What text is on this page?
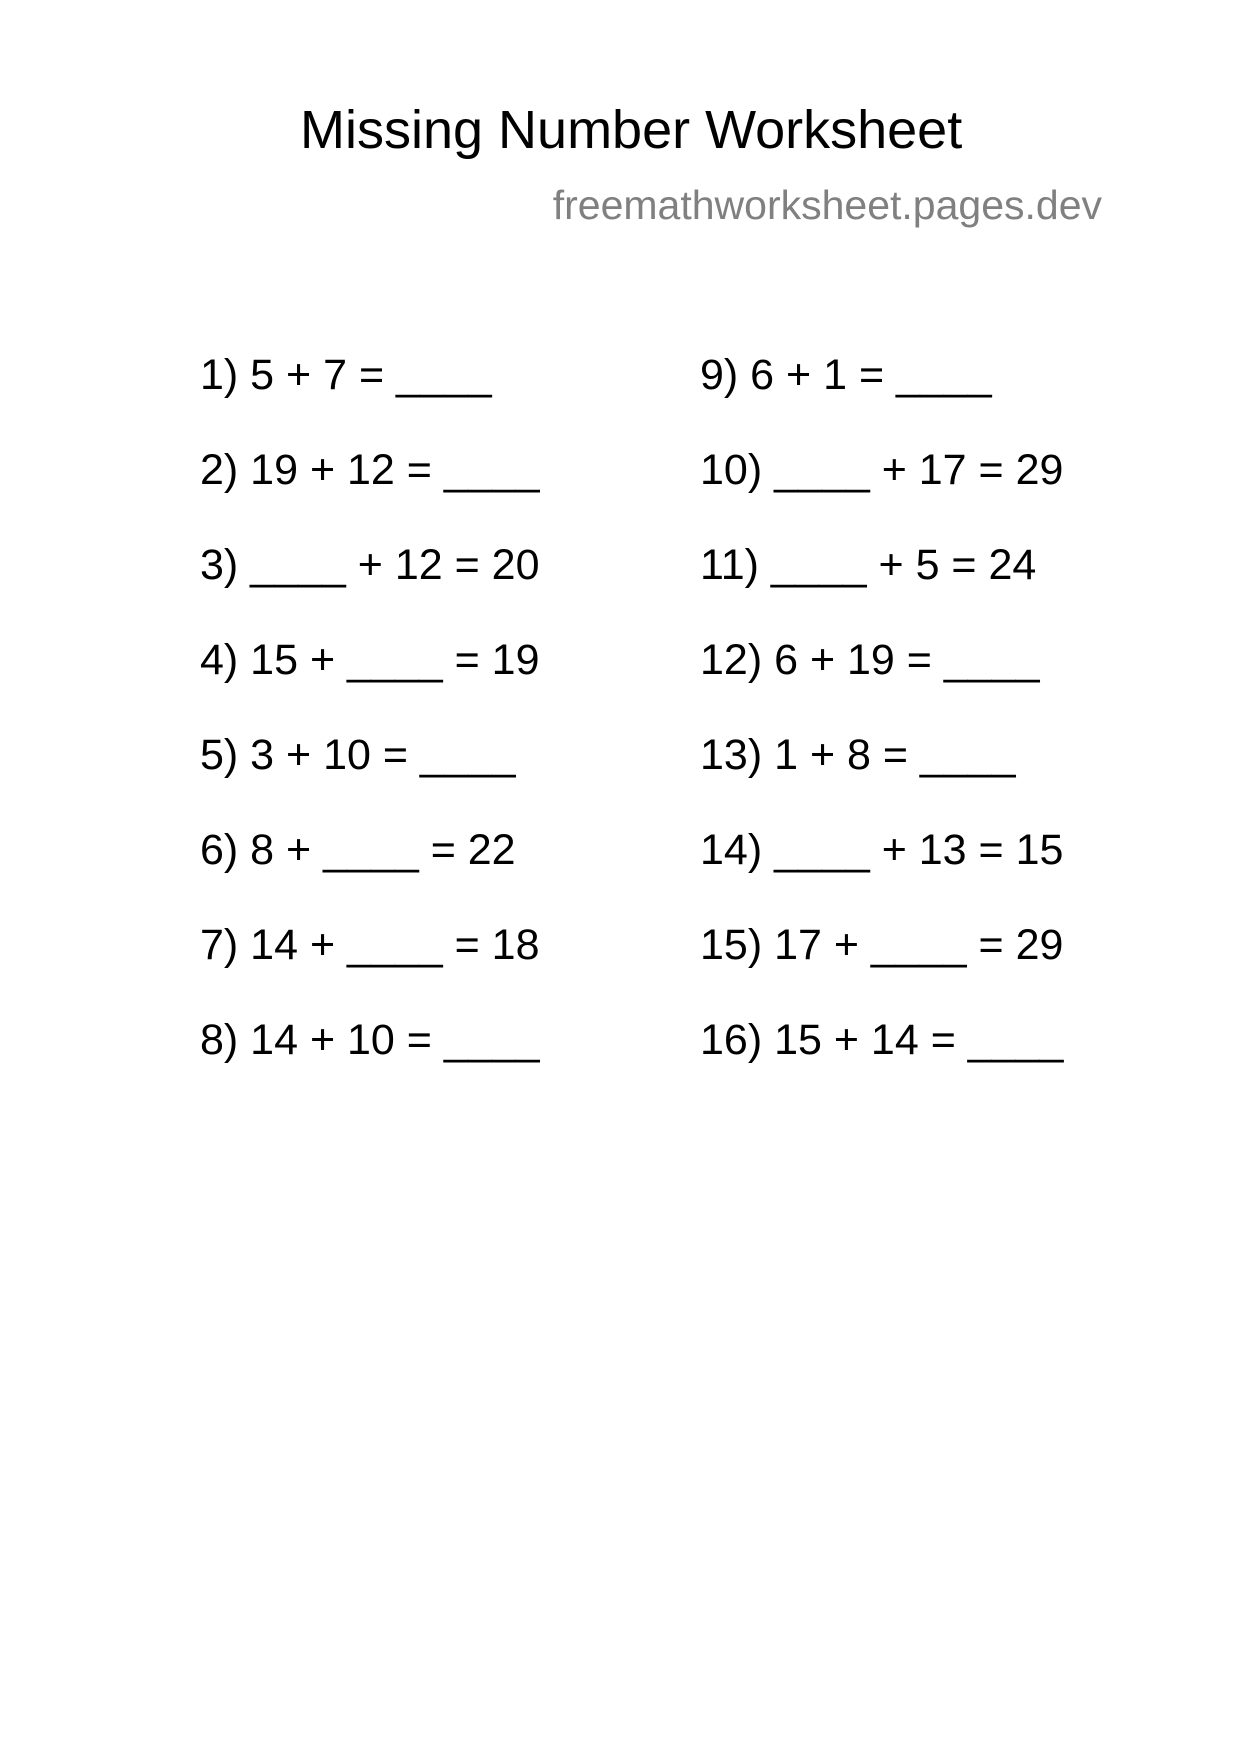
Missing Number Worksheet
freemathworksheet.pages.dev
1) 5 + 7 = ____
2) 19 + 12 = ____
3) ____ + 12 = 20
4) 15 + ____ = 19
5) 3 + 10 = ____
6) 8 + ____ = 22
7) 14 + ____ = 18
8) 14 + 10 = ____
9) 6 + 1 = ____
10) ____ + 17 = 29
11) ____ + 5 = 24
12) 6 + 19 = ____
13) 1 + 8 = ____
14) ____ + 13 = 15
15) 17 + ____ = 29
16) 15 + 14 = ____
